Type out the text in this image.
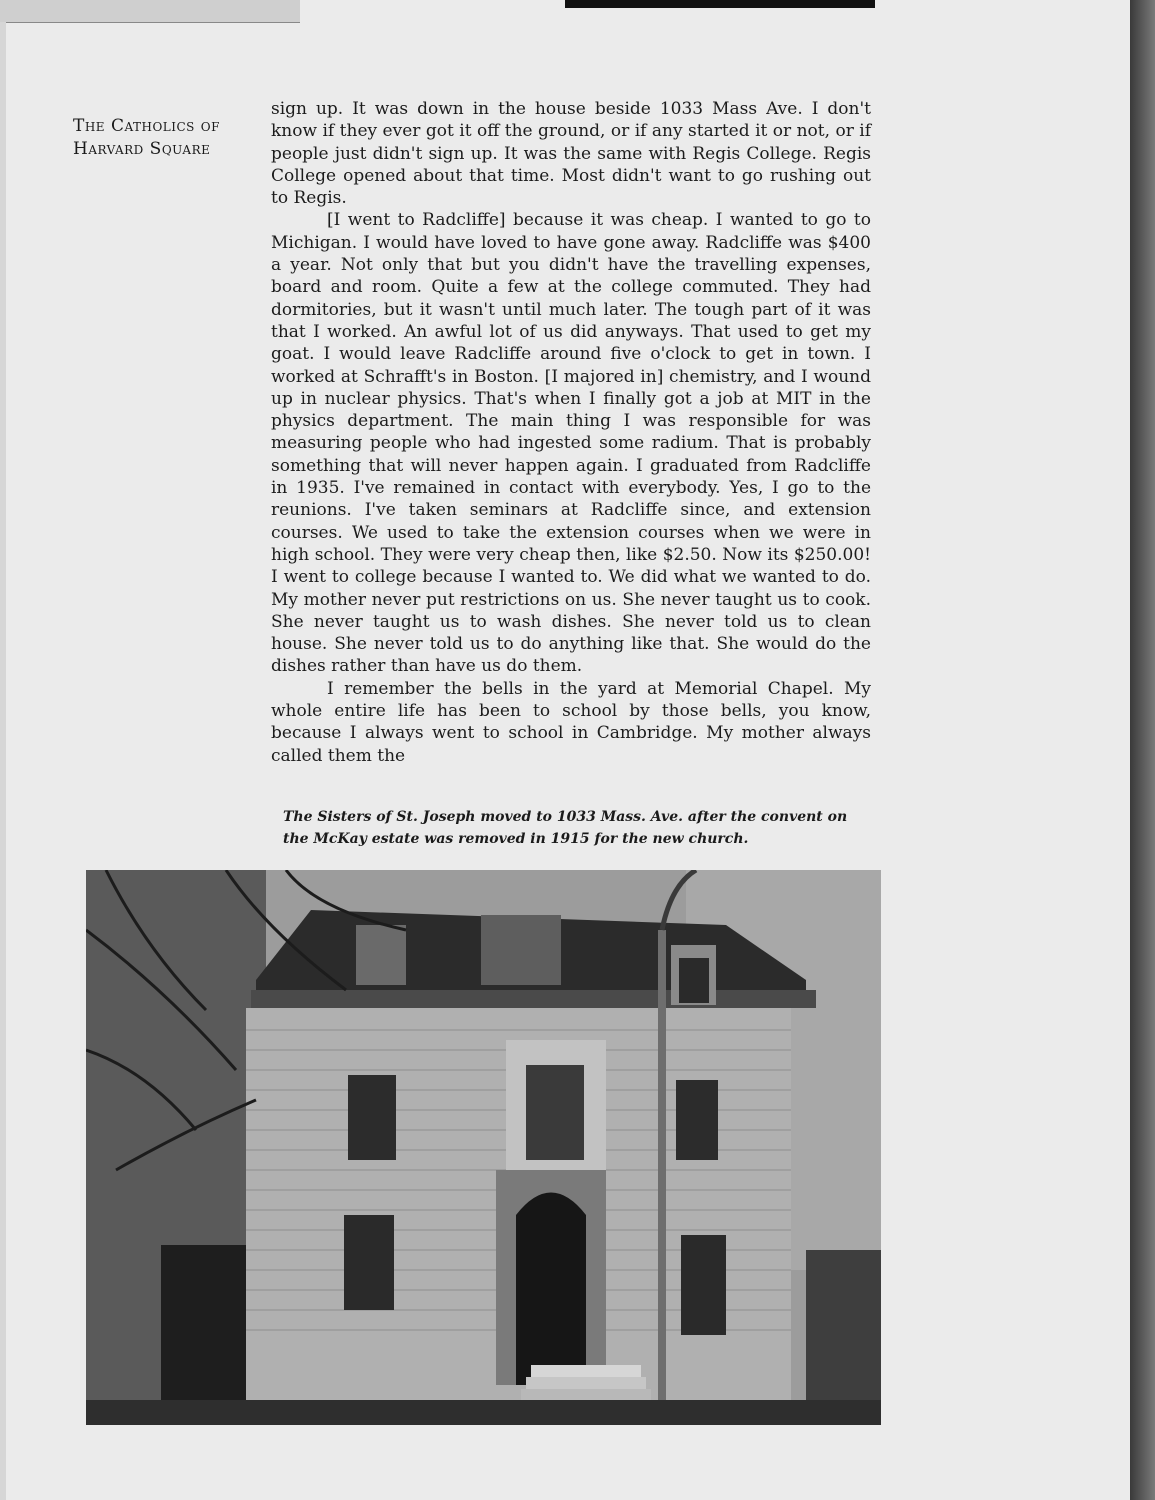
The Catholics of
Harvard Square

sign up. It was down in the house beside 1033 Mass Ave. I don't know if they ever got it off the ground, or if any started it or not, or if people just didn't sign up. It was the same with Regis College. Regis College opened about that time. Most didn't want to go rushing out to Regis.

[I went to Radcliffe] because it was cheap. I wanted to go to Michigan. I would have loved to have gone away. Radcliffe was $400 a year. Not only that but you didn't have the travelling expenses, board and room. Quite a few at the college commuted. They had dormitories, but it wasn't until much later. The tough part of it was that I worked. An awful lot of us did anyways. That used to get my goat. I would leave Radcliffe around five o'clock to get in town. I worked at Schrafft's in Boston. [I majored in] chemistry, and I wound up in nuclear physics. That's when I finally got a job at MIT in the physics department. The main thing I was responsible for was measuring people who had ingested some radium. That is probably something that will never happen again. I graduated from Radcliffe in 1935. I've remained in contact with everybody. Yes, I go to the reunions. I've taken seminars at Radcliffe since, and extension courses. We used to take the extension courses when we were in high school. They were very cheap then, like $2.50. Now its $250.00! I went to college because I wanted to. We did what we wanted to do. My mother never put restrictions on us. She never taught us to cook. She never taught us to wash dishes. She never told us to clean house. She never told us to do anything like that. She would do the dishes rather than have us do them.

I remember the bells in the yard at Memorial Chapel. My whole entire life has been to school by those bells, you know, because I always went to school in Cambridge. My mother always called them the

The Sisters of St. Joseph moved to 1033 Mass. Ave. after the convent on the McKay estate was removed in 1915 for the new church.
